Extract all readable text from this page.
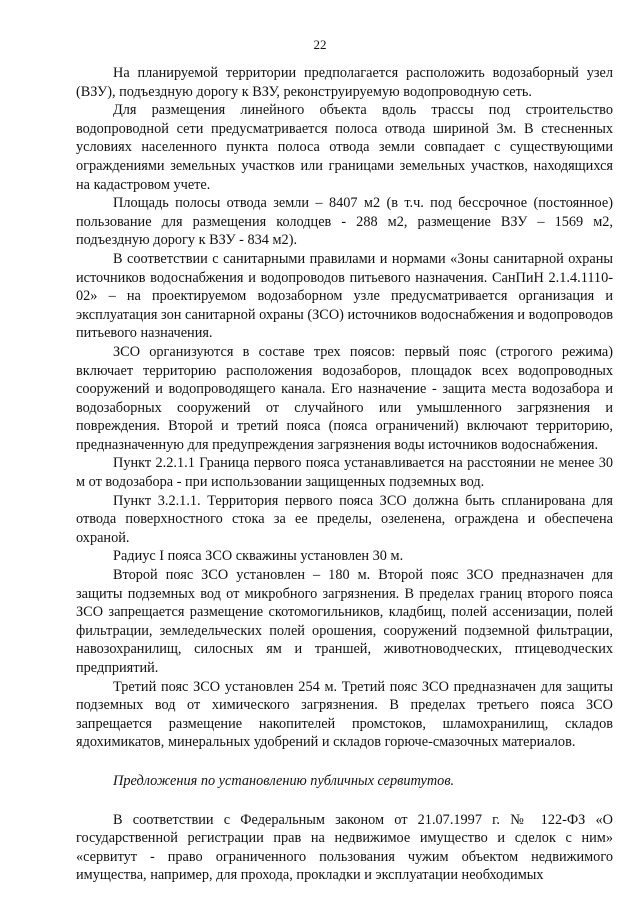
22

На планируемой территории предполагается расположить водозаборный узел (ВЗУ), подъездную дорогу к ВЗУ, реконструируемую водопроводную сеть.

Для размещения линейного объекта вдоль трассы под строительство водопроводной сети предусматривается полоса отвода шириной 3м. В стесненных условиях населенного пункта полоса отвода земли совпадает с существующими ограждениями земельных участков или границами земельных участков, находящихся на кадастровом учете.

Площадь полосы отвода земли – 8407 м2 (в т.ч. под бессрочное (постоянное) пользование для размещения колодцев - 288 м2, размещение ВЗУ – 1569 м2, подъездную дорогу к ВЗУ - 834 м2).

В соответствии с санитарными правилами и нормами «Зоны санитарной охраны источников водоснабжения и водопроводов питьевого назначения. СанПиН 2.1.4.1110-02» – на проектируемом водозаборном узле предусматривается организация и эксплуатация зон санитарной охраны (ЗСО) источников водоснабжения и водопроводов питьевого назначения.

ЗСО организуются в составе трех поясов: первый пояс (строгого режима) включает территорию расположения водозаборов, площадок всех водопроводных сооружений и водопроводящего канала. Его назначение - защита места водозабора и водозаборных сооружений от случайного или умышленного загрязнения и повреждения. Второй и третий пояса (пояса ограничений) включают территорию, предназначенную для предупреждения загрязнения воды источников водоснабжения.

Пункт 2.2.1.1 Граница первого пояса устанавливается на расстоянии не менее 30 м от водозабора - при использовании защищенных подземных вод.

Пункт 3.2.1.1. Территория первого пояса ЗСО должна быть спланирована для отвода поверхностного стока за ее пределы, озеленена, ограждена и обеспечена охраной.

Радиус I пояса ЗСО скважины установлен 30 м.

Второй пояс ЗСО установлен – 180 м. Второй пояс ЗСО предназначен для защиты подземных вод от микробного загрязнения. В пределах границ второго пояса ЗСО запрещается размещение скотомогильников, кладбищ, полей ассенизации, полей фильтрации, земледельческих полей орошения, сооружений подземной фильтрации, навозохранилищ, силосных ям и траншей, животноводческих, птицеводческих предприятий.

Третий пояс ЗСО установлен 254 м. Третий пояс ЗСО предназначен для защиты подземных вод от химического загрязнения. В пределах третьего пояса ЗСО запрещается размещение накопителей промстоков, шламохранилищ, складов ядохимикатов, минеральных удобрений и складов горюче-смазочных материалов.

Предложения по установлению публичных сервитутов.

В соответствии с Федеральным законом от 21.07.1997 г. № 122-ФЗ «О государственной регистрации прав на недвижимое имущество и сделок с ним» «сервитут - право ограниченного пользования чужим объектом недвижимого имущества, например, для прохода, прокладки и эксплуатации необходимых
